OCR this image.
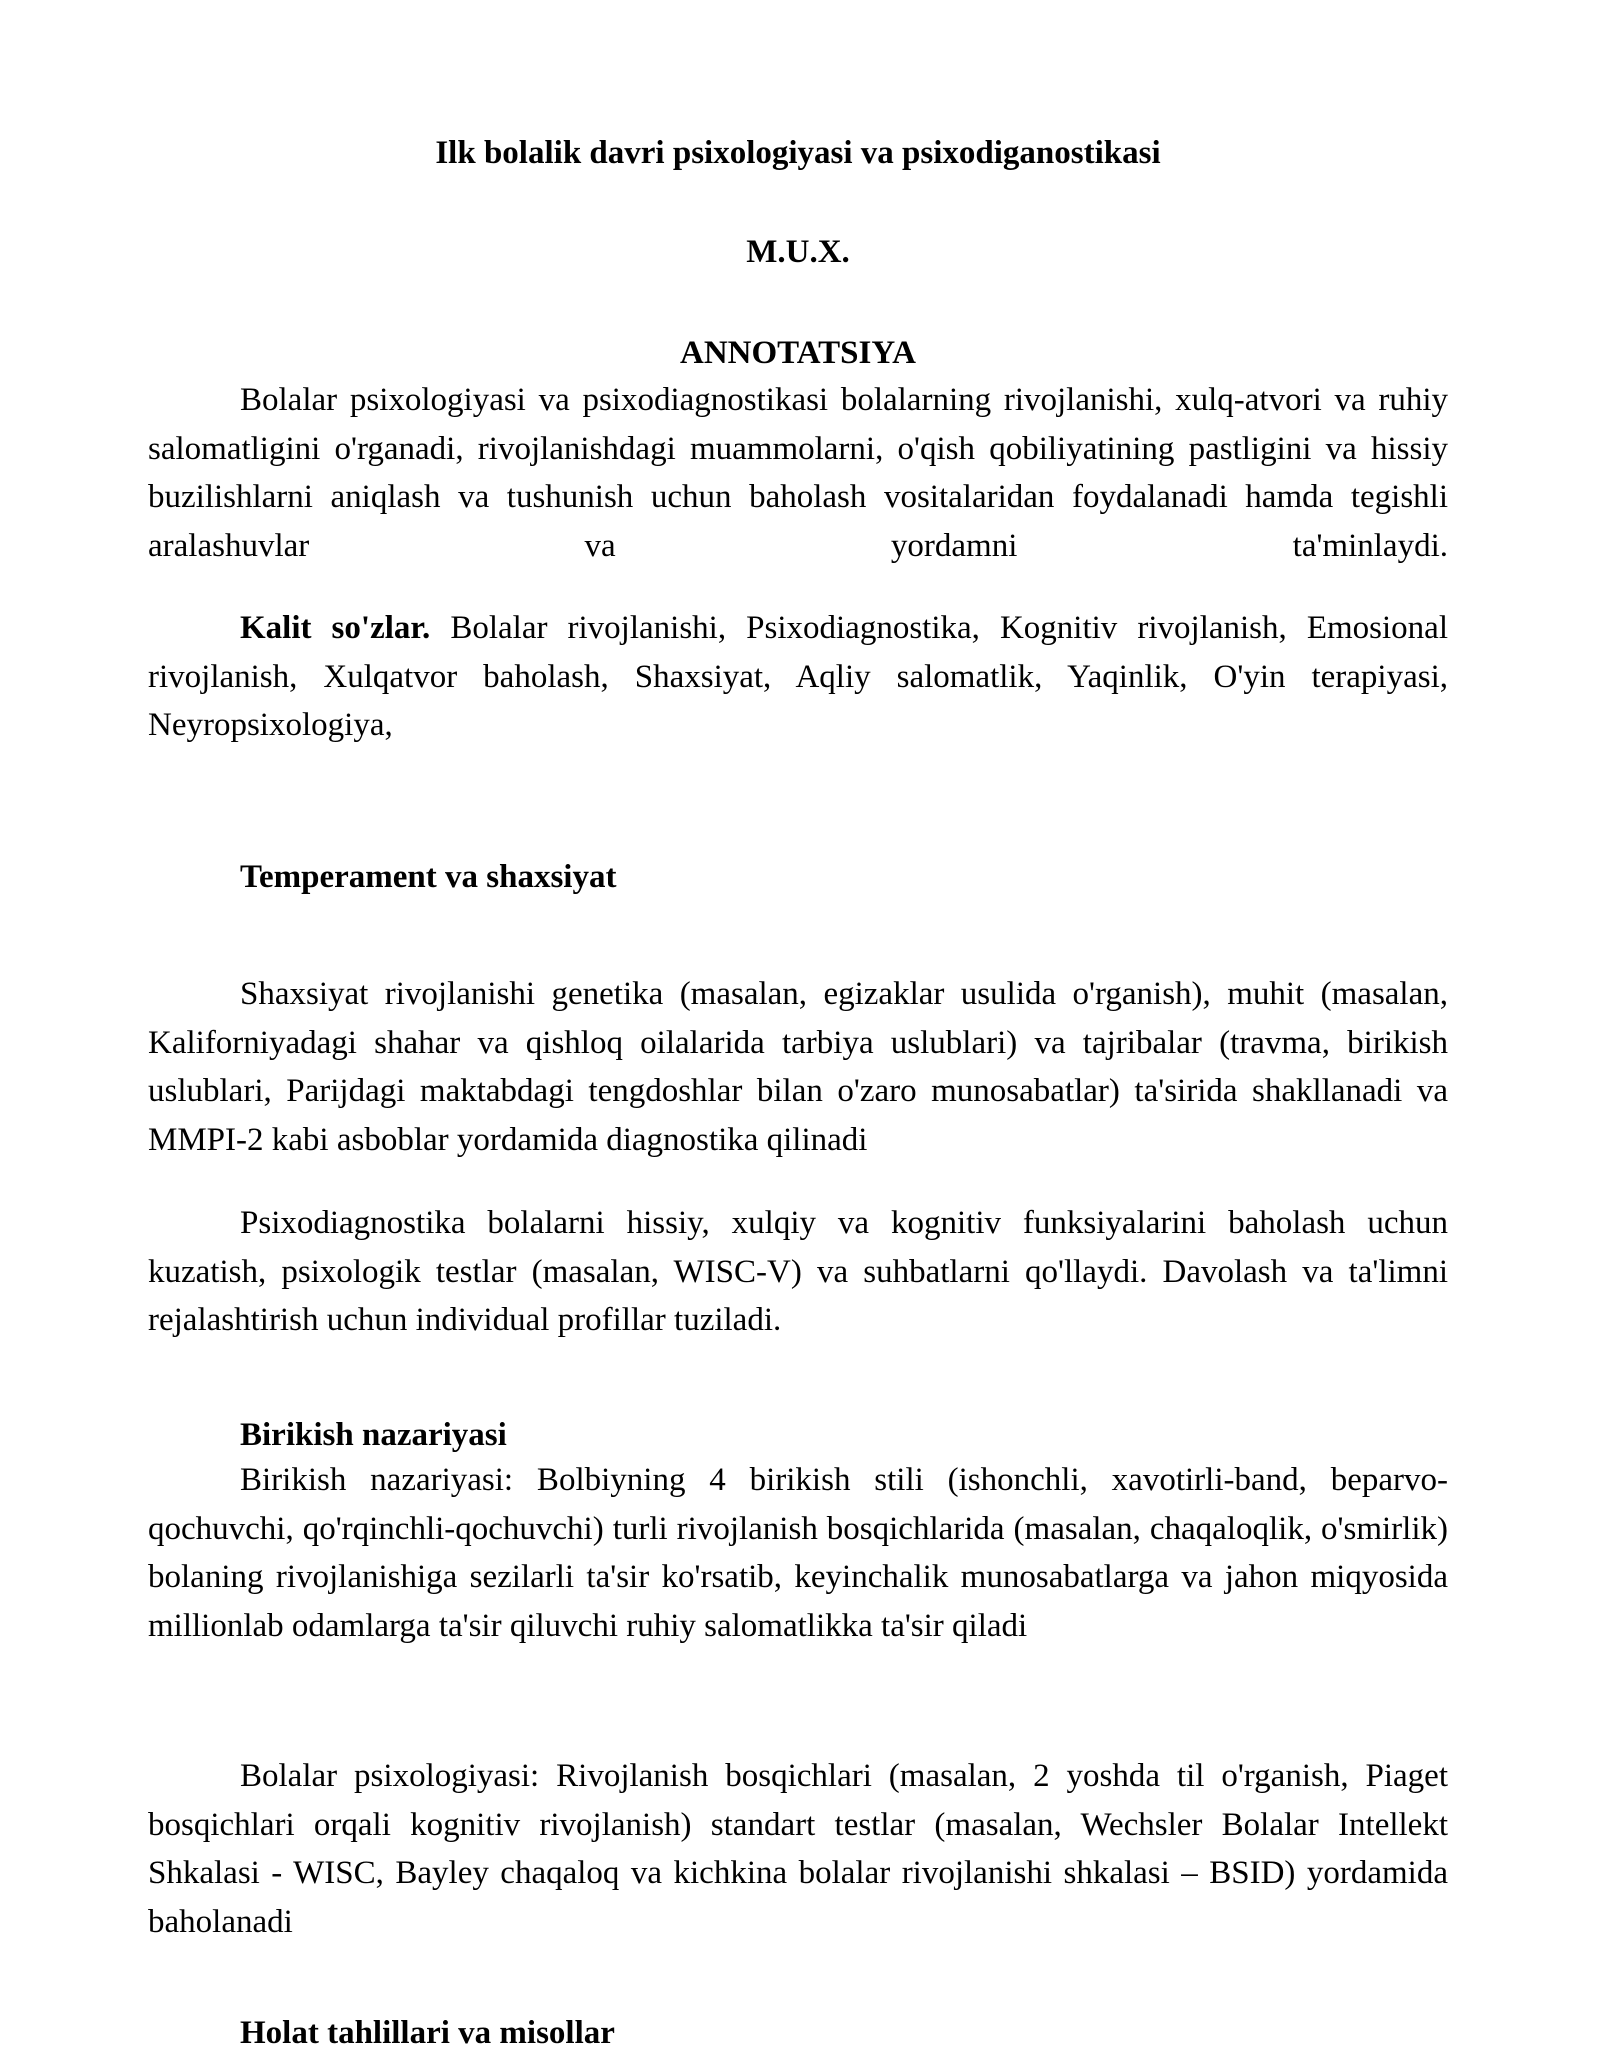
Ilk bolalik davri psixologiyasi va psixodiganostikasi
M.U.X.
ANNOTATSIYA
Bolalar psixologiyasi va psixodiagnostikasi bolalarning rivojlanishi, xulq-atvori va ruhiy salomatligini o'rganadi, rivojlanishdagi muammolarni, o'qish qobiliyatining pastligini va hissiy buzilishlarni aniqlash va tushunish uchun baholash vositalaridan foydalanadi hamda tegishli aralashuvlar va yordamni ta'minlaydi.
Kalit so'zlar. Bolalar rivojlanishi, Psixodiagnostika, Kognitiv rivojlanish, Emosional rivojlanish, Xulqatvor baholash, Shaxsiyat, Aqliy salomatlik, Yaqinlik, O'yin terapiyasi, Neyropsixologiya,
Temperament va shaxsiyat
Shaxsiyat rivojlanishi genetika (masalan, egizaklar usulida o'rganish), muhit (masalan, Kaliforniyadagi shahar va qishloq oilalarida tarbiya uslublari) va tajribalar (travma, birikish uslublari, Parijdagi maktabdagi tengdoshlar bilan o'zaro munosabatlar) ta'sirida shakllanadi va MMPI-2 kabi asboblar yordamida diagnostika qilinadi
Psixodiagnostika bolalarni hissiy, xulqiy va kognitiv funksiyalarini baholash uchun kuzatish, psixologik testlar (masalan, WISC-V) va suhbatlarni qo'llaydi. Davolash va ta'limni rejalashtirish uchun individual profillar tuziladi.
Birikish nazariyasi
Birikish nazariyasi: Bolbiyning 4 birikish stili (ishonchli, xavotirli-band, beparvo-qochuvchi, qo'rqinchli-qochuvchi) turli rivojlanish bosqichlarida (masalan, chaqaloqlik, o'smirlik) bolaning rivojlanishiga sezilarli ta'sir ko'rsatib, keyinchalik munosabatlarga va jahon miqyosida millionlab odamlarga ta'sir qiluvchi ruhiy salomatlikka ta'sir qiladi
Bolalar psixologiyasi: Rivojlanish bosqichlari (masalan, 2 yoshda til o'rganish, Piaget bosqichlari orqali kognitiv rivojlanish) standart testlar (masalan, Wechsler Bolalar Intellekt Shkalasi - WISC, Bayley chaqaloq va kichkina bolalar rivojlanishi shkalasi – BSID) yordamida baholanadi
Holat tahlillari va misollar
